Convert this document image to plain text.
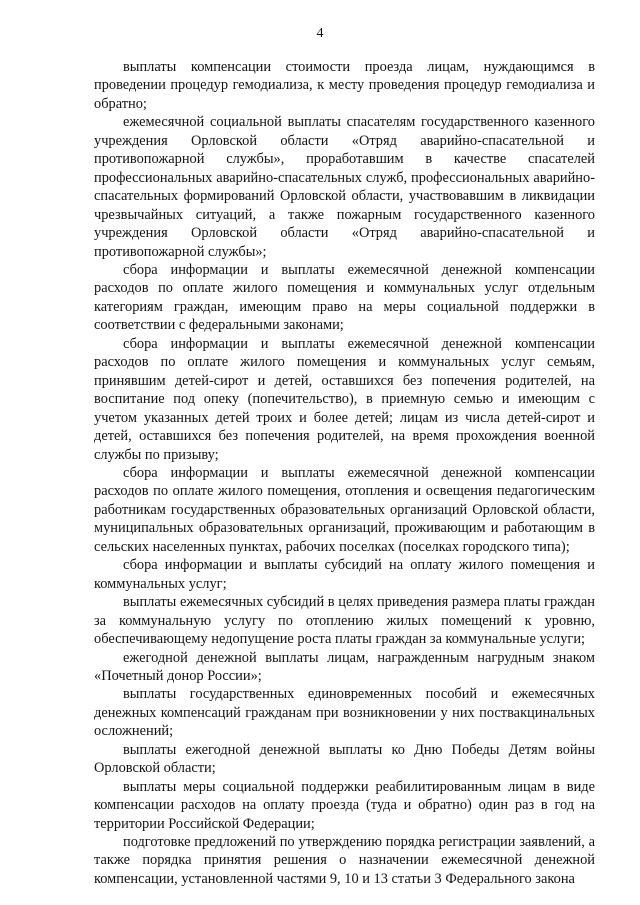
4

выплаты компенсации стоимости проезда лицам, нуждающимся в проведении процедур гемодиализа, к месту проведения процедур гемодиализа и обратно;

ежемесячной социальной выплаты спасателям государственного казенного учреждения Орловской области «Отряд аварийно-спасательной и противопожарной службы», проработавшим в качестве спасателей профессиональных аварийно-спасательных служб, профессиональных аварийно-спасательных формирований Орловской области, участвовавшим в ликвидации чрезвычайных ситуаций, а также пожарным государственного казенного учреждения Орловской области «Отряд аварийно-спасательной и противопожарной службы»;

сбора информации и выплаты ежемесячной денежной компенсации расходов по оплате жилого помещения и коммунальных услуг отдельным категориям граждан, имеющим право на меры социальной поддержки в соответствии с федеральными законами;

сбора информации и выплаты ежемесячной денежной компенсации расходов по оплате жилого помещения и коммунальных услуг семьям, принявшим детей-сирот и детей, оставшихся без попечения родителей, на воспитание под опеку (попечительство), в приемную семью и имеющим с учетом указанных детей троих и более детей; лицам из числа детей-сирот и детей, оставшихся без попечения родителей, на время прохождения военной службы по призыву;

сбора информации и выплаты ежемесячной денежной компенсации расходов по оплате жилого помещения, отопления и освещения педагогическим работникам государственных образовательных организаций Орловской области, муниципальных образовательных организаций, проживающим и работающим в сельских населенных пунктах, рабочих поселках (поселках городского типа);

сбора информации и выплаты субсидий на оплату жилого помещения и коммунальных услуг;

выплаты ежемесячных субсидий в целях приведения размера платы граждан за коммунальную услугу по отоплению жилых помещений к уровню, обеспечивающему недопущение роста платы граждан за коммунальные услуги;

ежегодной денежной выплаты лицам, награжденным нагрудным знаком «Почетный донор России»;

выплаты государственных единовременных пособий и ежемесячных денежных компенсаций гражданам при возникновении у них поствакцинальных осложнений;

выплаты ежегодной денежной выплаты ко Дню Победы Детям войны Орловской области;

выплаты меры социальной поддержки реабилитированным лицам в виде компенсации расходов на оплату проезда (туда и обратно) один раз в год на территории Российской Федерации;

подготовке предложений по утверждению порядка регистрации заявлений, а также порядка принятия решения о назначении ежемесячной денежной компенсации, установленной частями 9, 10 и 13 статьи 3 Федерального закона
